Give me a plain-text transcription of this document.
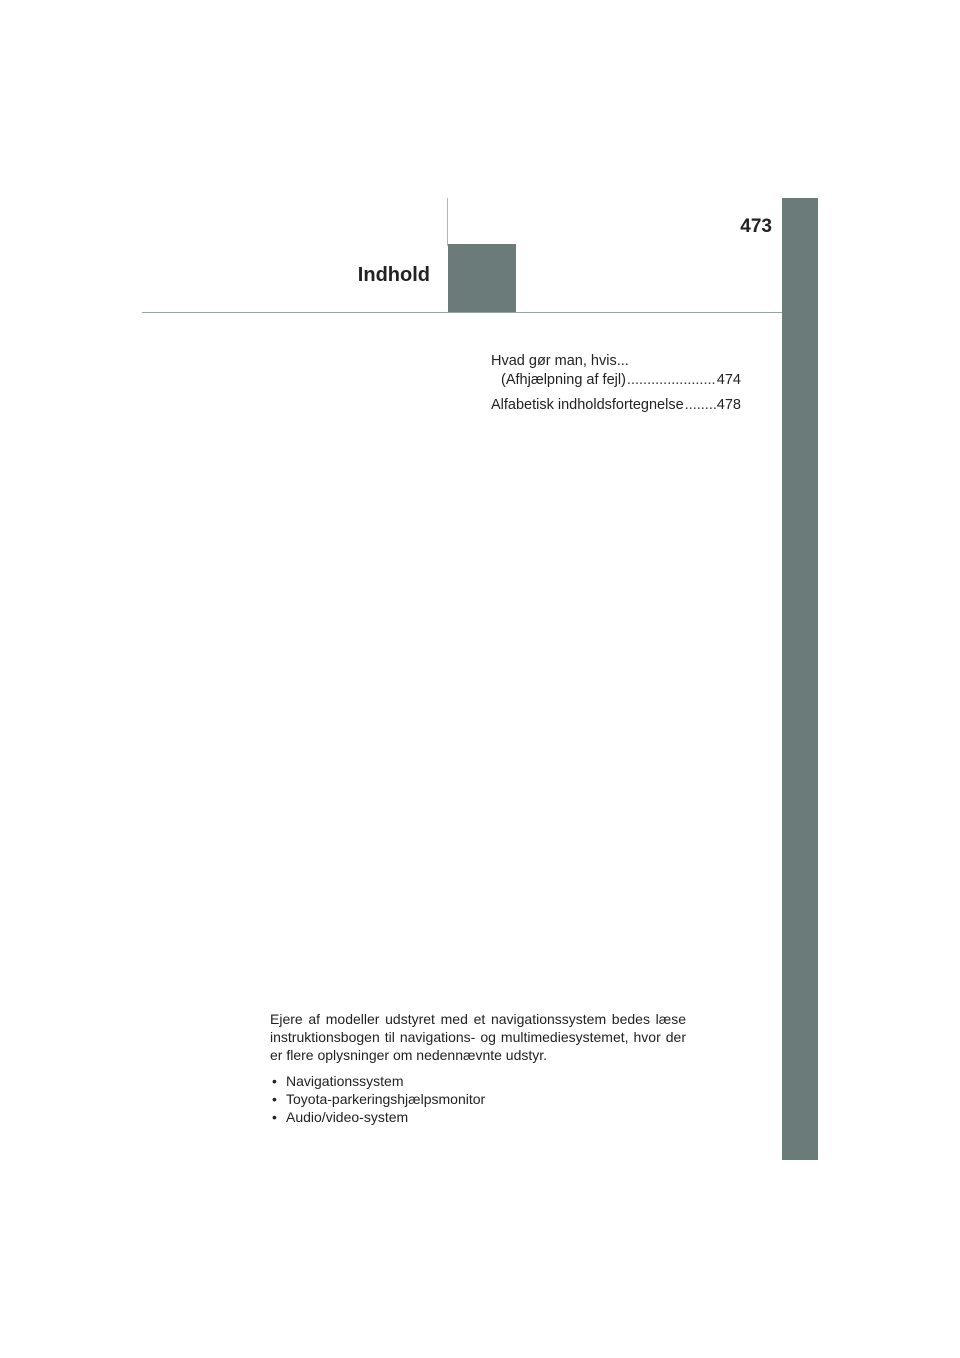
473
Indhold
Hvad gør man, hvis...
(Afhjælpning af fejl) .....	474
Alfabetisk indholdsfortegnelse ..... 478

Ejere af modeller udstyret med et navigationssystem bedes læse instruktionsbogen til navigations- og multimediesystemet, hvor der er flere oplysninger om nedennævnte udstyr.

• Navigationssystem
• Toyota-parkeringshjælpsmonitor
• Audio/video-system
